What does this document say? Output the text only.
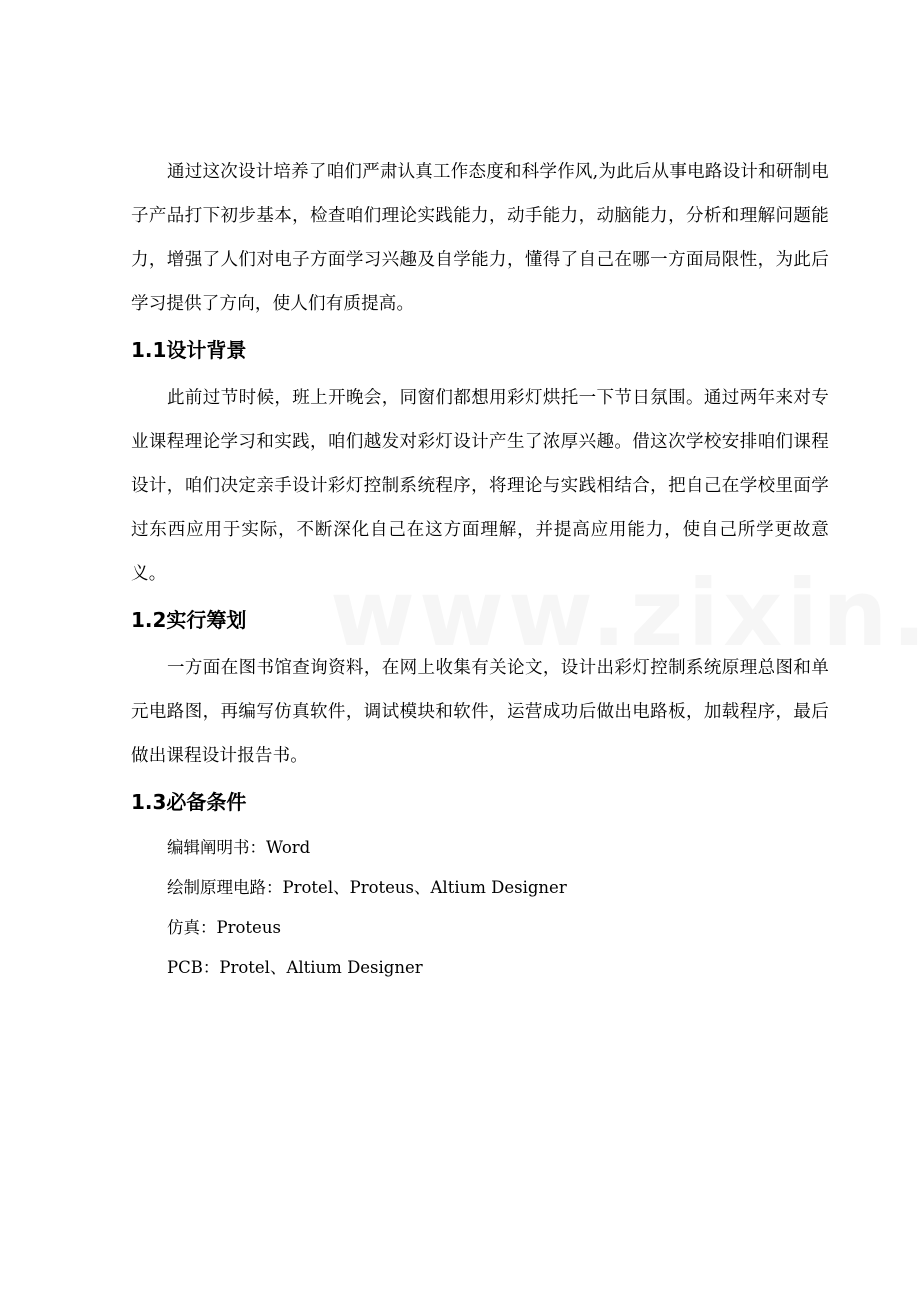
通过这次设计培养了咱们严肃认真工作态度和科学作风,为此后从事电路设计和研制电子产品打下初步基本，检查咱们理论实践能力，动手能力，动脑能力，分析和理解问题能力，增强了人们对电子方面学习兴趣及自学能力，懂得了自己在哪一方面局限性，为此后学习提供了方向，使人们有质提高。

1.1设计背景

此前过节时候，班上开晚会，同窗们都想用彩灯烘托一下节日氛围。通过两年来对专业课程理论学习和实践，咱们越发对彩灯设计产生了浓厚兴趣。借这次学校安排咱们课程设计，咱们决定亲手设计彩灯控制系统程序，将理论与实践相结合，把自己在学校里面学过东西应用于实际，不断深化自己在这方面理解，并提高应用能力，使自己所学更故意义。

1.2实行筹划

一方面在图书馆查询资料，在网上收集有关论文，设计出彩灯控制系统原理总图和单元电路图，再编写仿真软件，调试模块和软件，运营成功后做出电路板，加载程序，最后做出课程设计报告书。

1.3必备条件
编辑阐明书：Word
绘制原理电路：Protel、Proteus、Altium Designer
仿真：Proteus
PCB：Protel、Altium Designer
